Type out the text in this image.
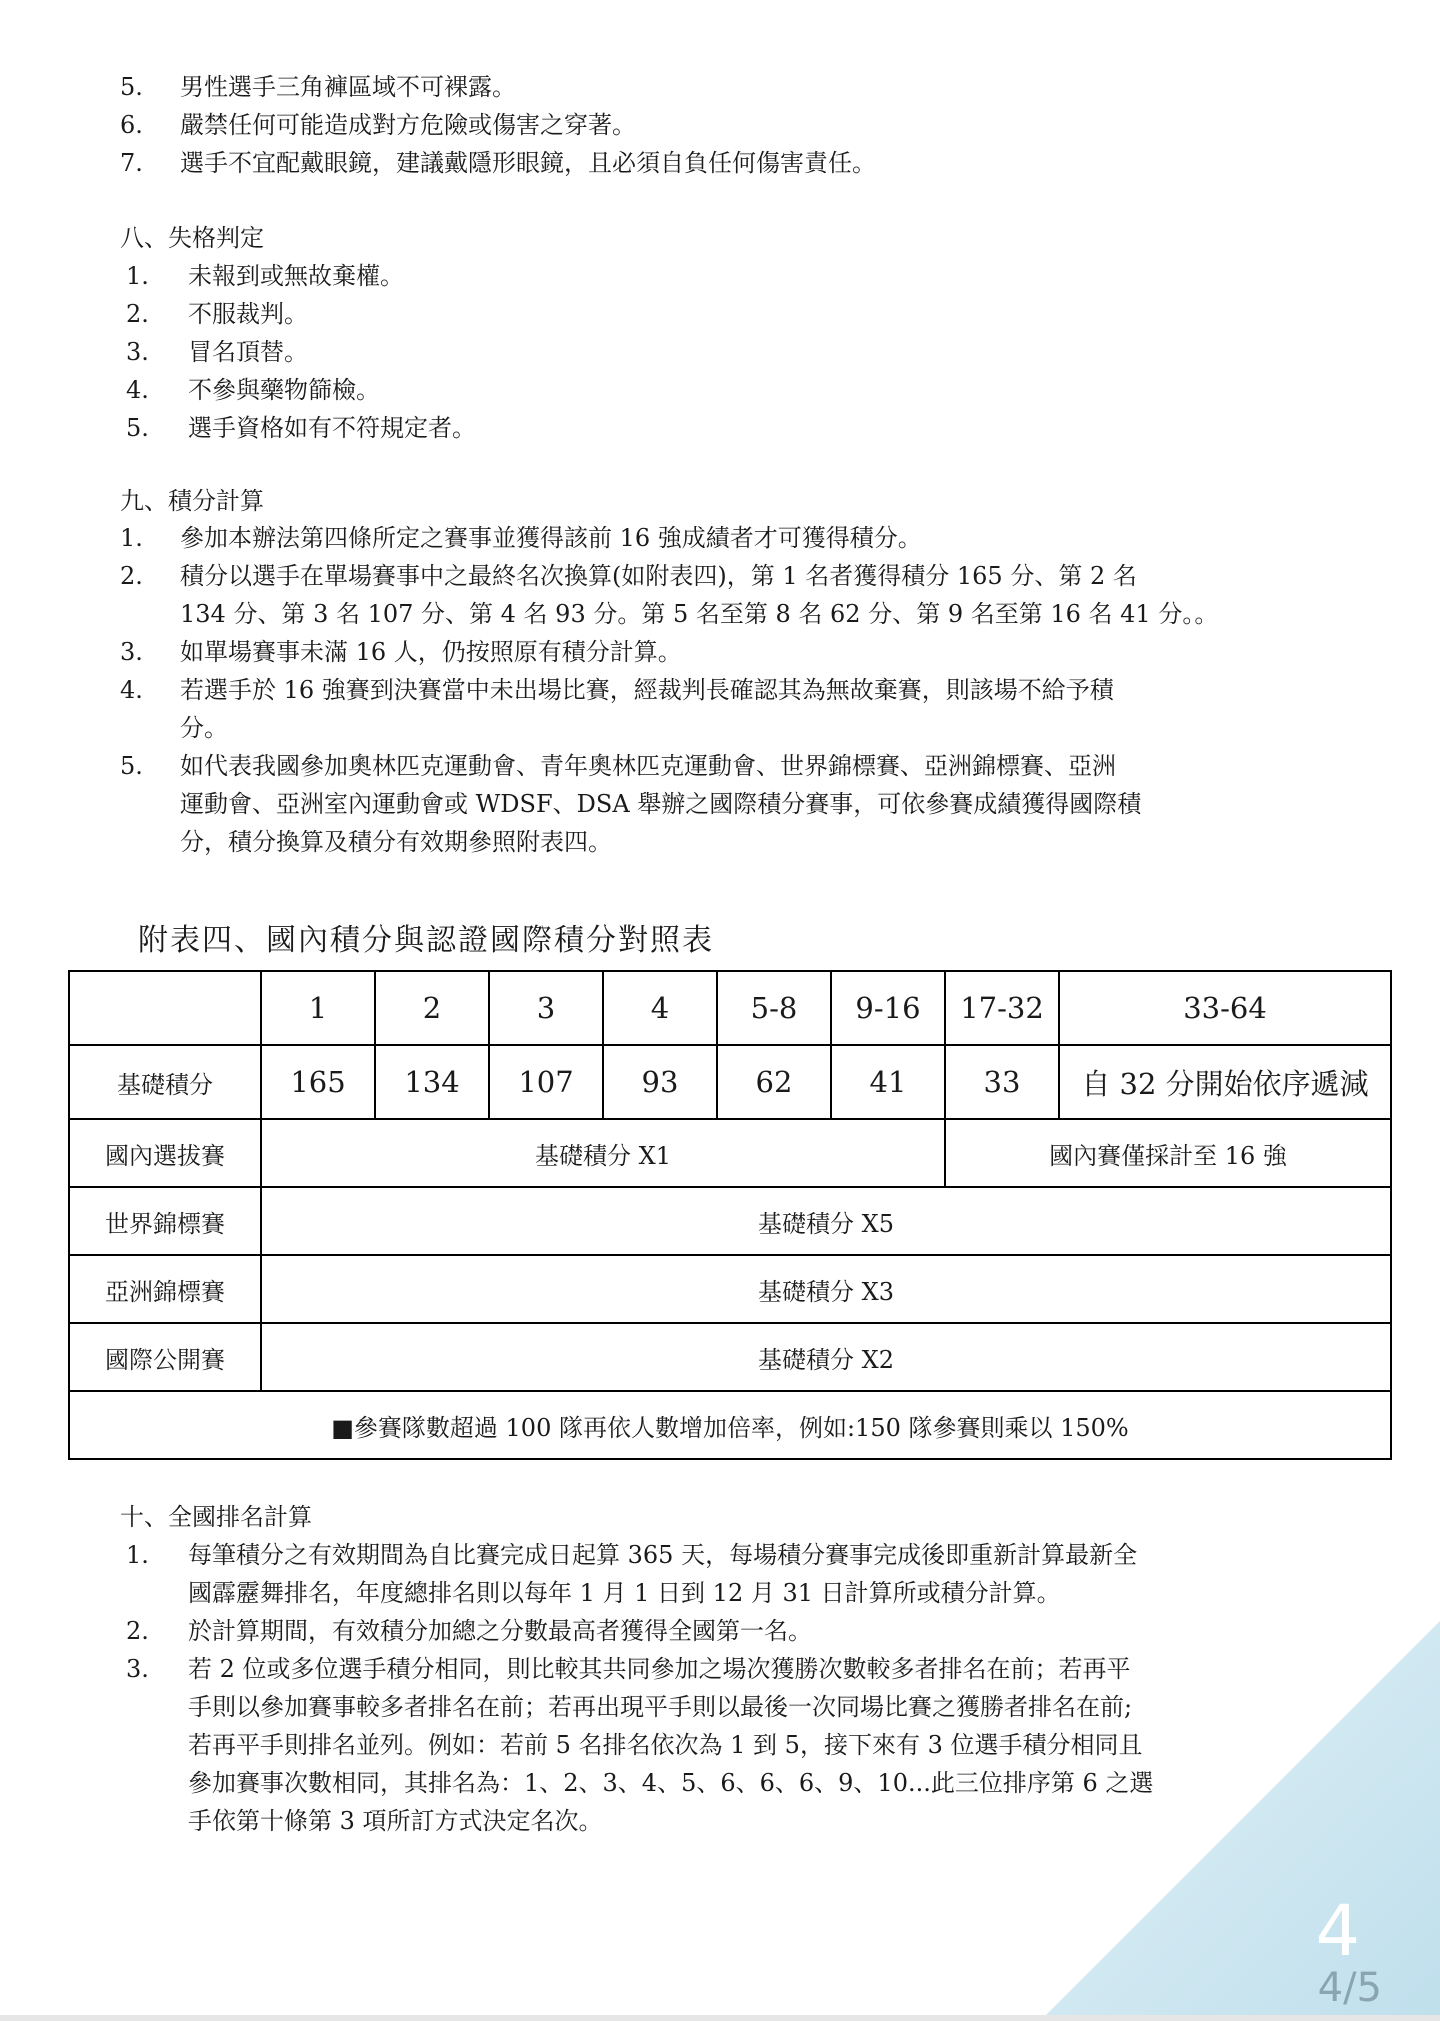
5. 男性選手三角褲區域不可裸露。
6. 嚴禁任何可能造成對方危險或傷害之穿著。
7. 選手不宜配戴眼鏡，建議戴隱形眼鏡，且必須自負任何傷害責任。
八、失格判定
1. 未報到或無故棄權。
2. 不服裁判。
3. 冒名頂替。
4. 不參與藥物篩檢。
5. 選手資格如有不符規定者。
九、積分計算
1. 參加本辦法第四條所定之賽事並獲得該前 16 強成績者才可獲得積分。
2. 積分以選手在單場賽事中之最終名次換算(如附表四)，第 1 名者獲得積分 165 分、第 2 名
134 分、第 3 名 107 分、第 4 名 93 分。第 5 名至第 8 名 62 分、第 9 名至第 16 名 41 分。。
3. 如單場賽事未滿 16 人，仍按照原有積分計算。
4. 若選手於 16 強賽到決賽當中未出場比賽，經裁判長確認其為無故棄賽，則該場不給予積
分。
5. 如代表我國參加奧林匹克運動會、青年奧林匹克運動會、世界錦標賽、亞洲錦標賽、亞洲
運動會、亞洲室內運動會或 WDSF、DSA 舉辦之國際積分賽事，可依參賽成績獲得國際積
分，積分換算及積分有效期參照附表四。
附表四、國內積分與認證國際積分對照表
	1	2	3	4	5-8	9-16	17-32	33-64
基礎積分	165	134	107	93	62	41	33	自 32 分開始依序遞減
國內選拔賽	基礎積分 X1						國內賽僅採計至 16 強	
世界錦標賽	基礎積分 X5							
亞洲錦標賽	基礎積分 X3							
國際公開賽	基礎積分 X2							
■參賽隊數超過 100 隊再依人數增加倍率，例如:150 隊參賽則乘以 150%								
十、全國排名計算
1. 每筆積分之有效期間為自比賽完成日起算 365 天，每場積分賽事完成後即重新計算最新全
國霹靂舞排名，年度總排名則以每年 1 月 1 日到 12 月 31 日計算所或積分計算。
2. 於計算期間，有效積分加總之分數最高者獲得全國第一名。
3. 若 2 位或多位選手積分相同，則比較其共同參加之場次獲勝次數較多者排名在前；若再平
手則以參加賽事較多者排名在前；若再出現平手則以最後一次同場比賽之獲勝者排名在前;
若再平手則排名並列。例如：若前 5 名排名依次為 1 到 5，接下來有 3 位選手積分相同且
參加賽事次數相同，其排名為：1、2、3、4、5、6、6、6、9、10...此三位排序第 6 之選
手依第十條第 3 項所訂方式決定名次。
4
4/5
